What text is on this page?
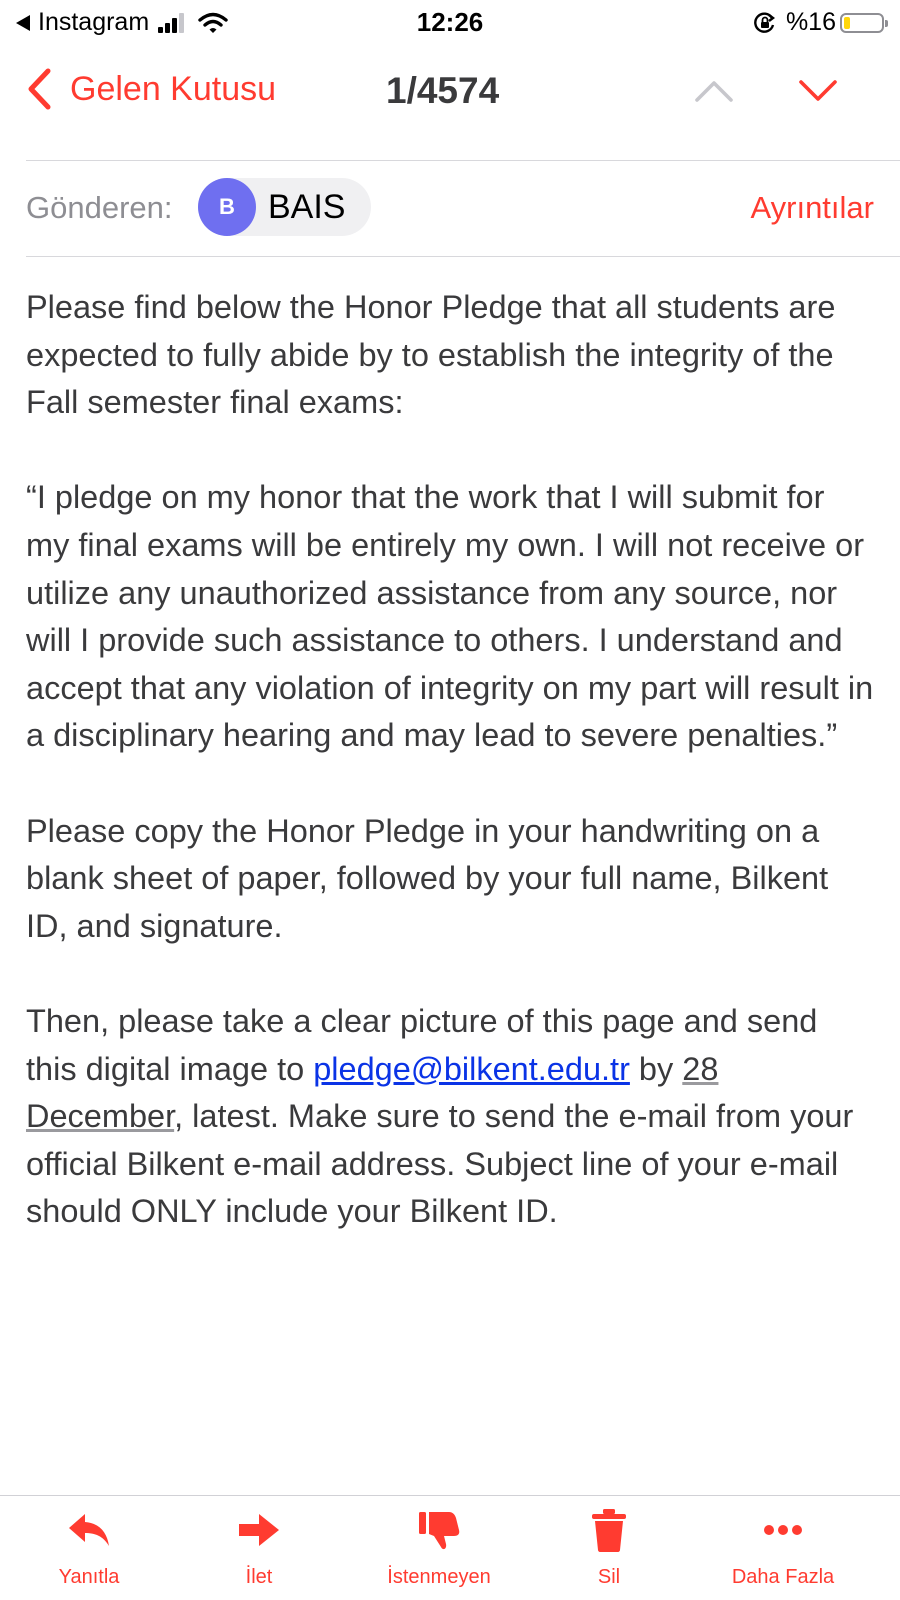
Instagram	12:26	%16
Gelen Kutusu	1/4574
Gönderen:	B BAIS	Ayrıntılar

Please find below the Honor Pledge that all students are expected to fully abide by to establish the integrity of the Fall semester final exams:

“I pledge on my honor that the work that I will submit for my final exams will be entirely my own. I will not receive or utilize any unauthorized assistance from any source, nor will I provide such assistance to others. I understand and accept that any violation of integrity on my part will result in a disciplinary hearing and may lead to severe penalties.”

Please copy the Honor Pledge in your handwriting on a blank sheet of paper, followed by your full name, Bilkent ID, and signature.

Then, please take a clear picture of this page and send this digital image to pledge@bilkent.edu.tr by 28 December, latest. Make sure to send the e-mail from your official Bilkent e-mail address. Subject line of your e-mail should ONLY include your Bilkent ID.

Yanıtla	İlet	İstenmeyen	Sil	Daha Fazla
